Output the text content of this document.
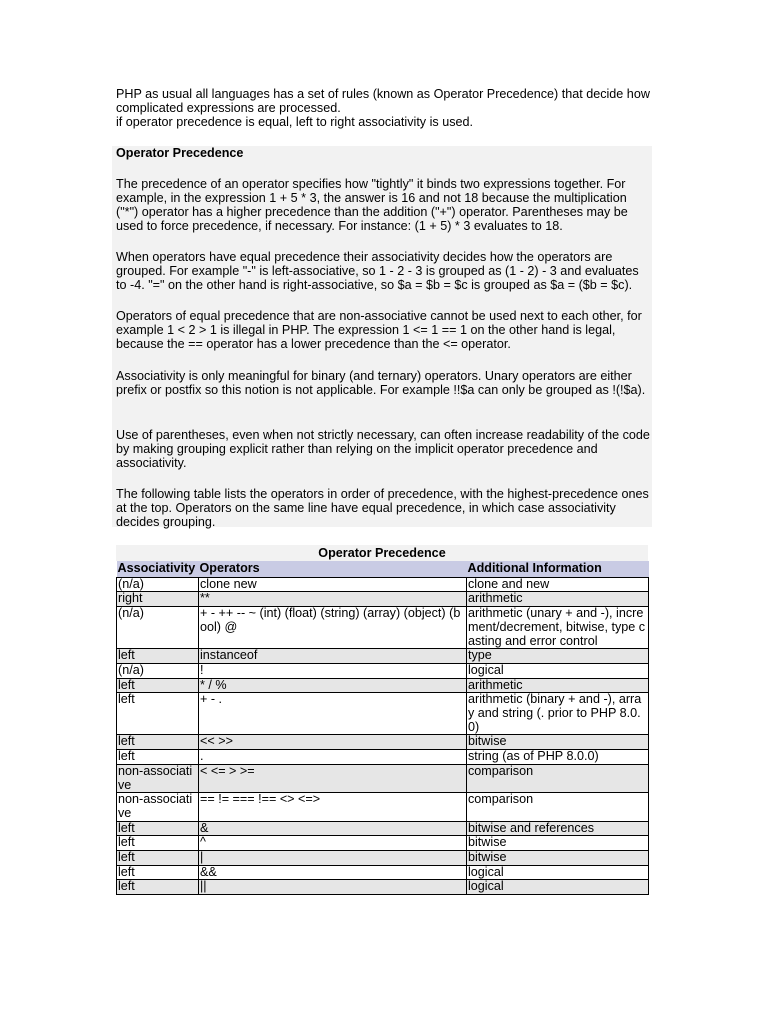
PHP as usual all languages has a set of rules (known as Operator Precedence) that decide how complicated expressions are processed.

if operator precedence is equal, left to right associativity is used.

Operator Precedence

The precedence of an operator specifies how "tightly" it binds two expressions together. For example, in the expression 1 + 5 * 3, the answer is 16 and not 18 because the multiplication ("*") operator has a higher precedence than the addition ("+") operator. Parentheses may be used to force precedence, if necessary. For instance: (1 + 5) * 3 evaluates to 18.

When operators have equal precedence their associativity decides how the operators are grouped. For example "-" is left-associative, so 1 - 2 - 3 is grouped as (1 - 2) - 3 and evaluates to -4. "=" on the other hand is right-associative, so $a = $b = $c is grouped as $a = ($b = $c).

Operators of equal precedence that are non-associative cannot be used next to each other, for example 1 < 2 > 1 is illegal in PHP. The expression 1 <= 1 == 1 on the other hand is legal, because the == operator has a lower precedence than the <= operator.

Associativity is only meaningful for binary (and ternary) operators. Unary operators are either prefix or postfix so this notion is not applicable. For example !!$a can only be grouped as !(!$a).

Use of parentheses, even when not strictly necessary, can often increase readability of the code by making grouping explicit rather than relying on the implicit operator precedence and associativity.

The following table lists the operators in order of precedence, with the highest-precedence ones at the top. Operators on the same line have equal precedence, in which case associativity decides grouping.

Operator Precedence
Associativity	Operators	Additional Information
(n/a)	clone new	clone and new
right	**	arithmetic
(n/a)	+ - ++ -- ~ (int) (float) (string) (array) (object) (bool) @	arithmetic (unary + and -), increment/decrement, bitwise, type casting and error control
left	instanceof	type
(n/a)	!	logical
left	* / %	arithmetic
left	+ - .	arithmetic (binary + and -), array and string (. prior to PHP 8.0.0)
left	<< >>	bitwise
left	.	string (as of PHP 8.0.0)
non-associative	< <= > >=	comparison
non-associative	== != === !== <> <=>	comparison
left	&	bitwise and references
left	^	bitwise
left	|	bitwise
left	&&	logical
left	||	logical
